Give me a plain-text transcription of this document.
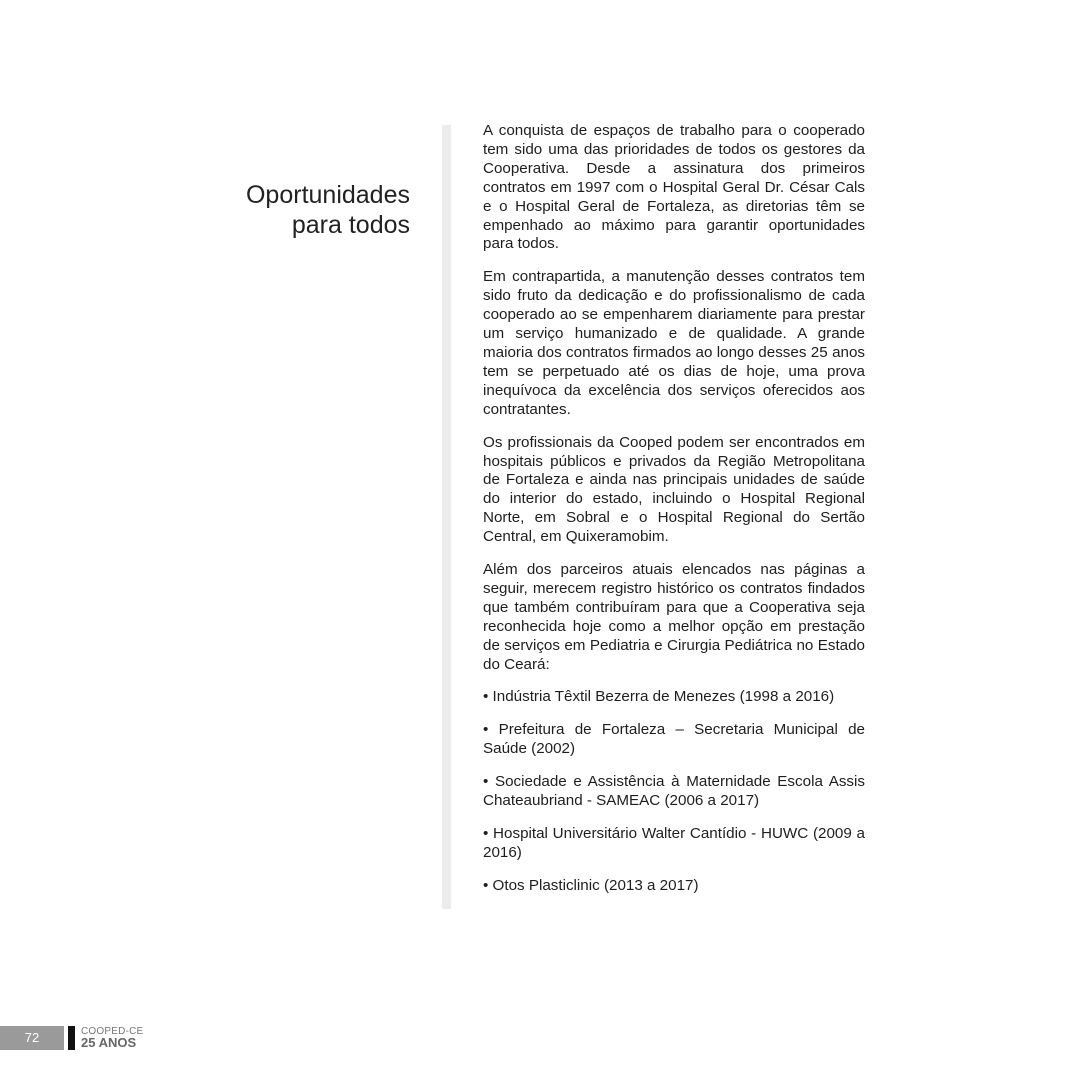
Oportunidades
para todos

A conquista de espaços de trabalho para o cooperado tem sido uma das prioridades de todos os gestores da Cooperativa. Desde a assinatura dos primeiros contratos em 1997 com o Hospital Geral Dr. César Cals e o Hospital Geral de Fortaleza, as diretorias têm se empenhado ao máximo para garantir oportunidades para todos.

Em contrapartida, a manutenção desses contratos tem sido fruto da dedicação e do profissionalismo de cada cooperado ao se empenharem diariamente para prestar um serviço humanizado e de qualidade. A grande maioria dos contratos firmados ao longo desses 25 anos tem se perpetuado até os dias de hoje, uma prova inequívoca da excelência dos serviços oferecidos aos contratantes.

Os profissionais da Cooped podem ser encontrados em hospitais públicos e privados da Região Metropolitana de Fortaleza e ainda nas principais unidades de saúde do interior do estado, incluindo o Hospital Regional Norte, em Sobral e o Hospital Regional do Sertão Central, em Quixeramobim.

Além dos parceiros atuais elencados nas páginas a seguir, merecem registro histórico os contratos findados que também contribuíram para que a Cooperativa seja reconhecida hoje como a melhor opção em prestação de serviços em Pediatria e Cirurgia Pediátrica no Estado do Ceará:

• Indústria Têxtil Bezerra de Menezes (1998 a 2016)

• Prefeitura de Fortaleza – Secretaria Municipal de Saúde (2002)

• Sociedade e Assistência à Maternidade Escola Assis Chateaubriand - SAMEAC (2006 a 2017)

• Hospital Universitário Walter Cantídio - HUWC (2009 a 2016)

• Otos Plasticlinic (2013 a 2017)

72	COOPED-CE
25 ANOS
